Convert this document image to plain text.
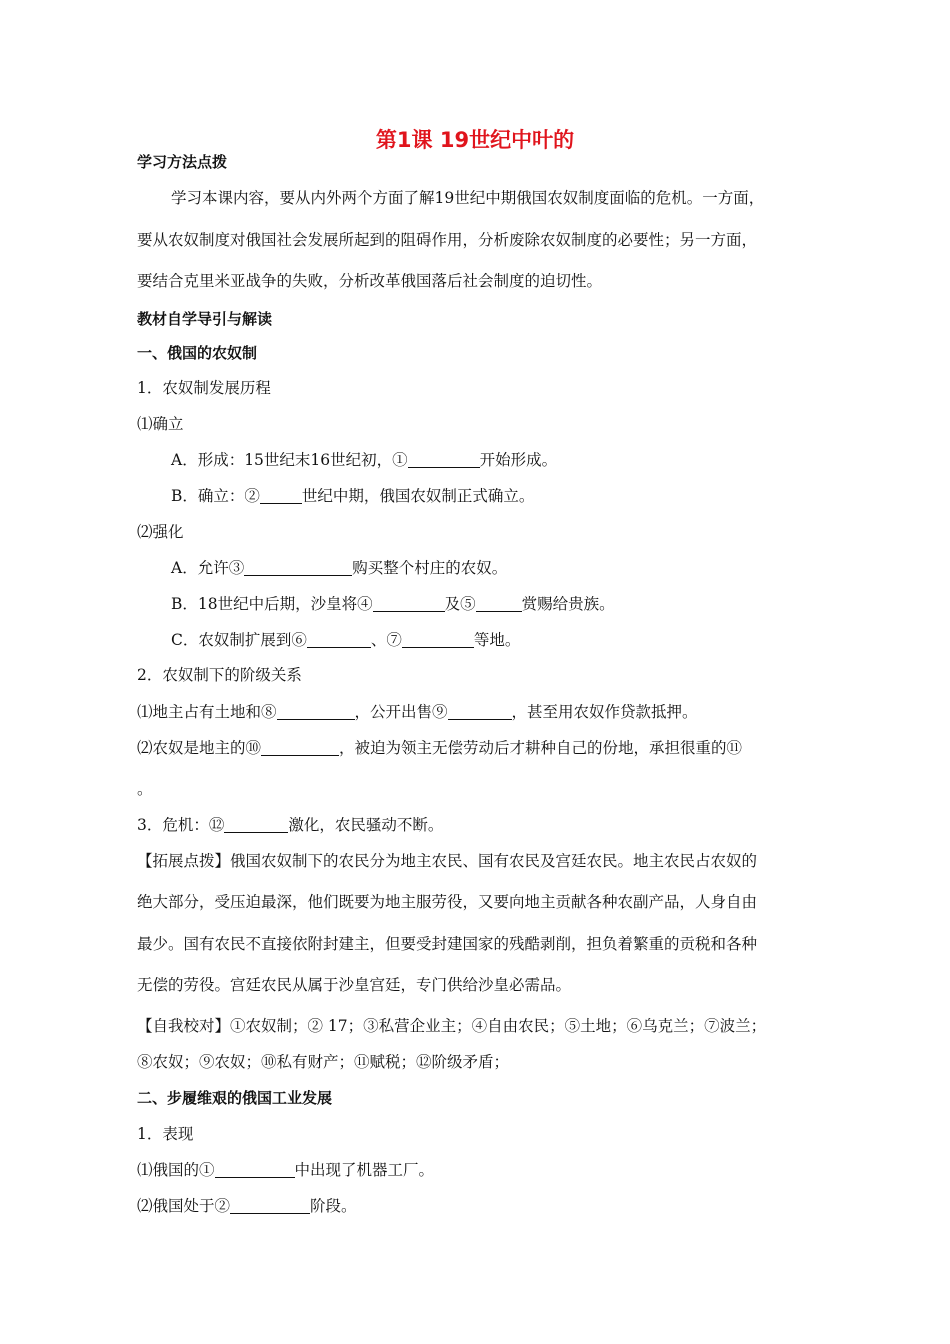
第1课 19世纪中叶的
学习方法点拨
学习本课内容，要从内外两个方面了解19世纪中期俄国农奴制度面临的危机。一方面，
要从农奴制度对俄国社会发展所起到的阻碍作用，分析废除农奴制度的必要性；另一方面，
要结合克里米亚战争的失败，分析改革俄国落后社会制度的迫切性。
教材自学导引与解读
一、俄国的农奴制
1．农奴制发展历程
⑴确立
A．形成：15世纪末16世纪初，①	开始形成。
B．确立：②	世纪中期，俄国农奴制正式确立。
⑵强化
A．允许③	购买整个村庄的农奴。
B．18世纪中后期，沙皇将④	及⑤	赏赐给贵族。
C．农奴制扩展到⑥	、⑦	等地。
2．农奴制下的阶级关系
⑴地主占有土地和⑧	，公开出售⑨	，甚至用农奴作贷款抵押。
⑵农奴是地主的⑩	，被迫为领主无偿劳动后才耕种自己的份地，承担很重的⑪
。
3．危机：⑫	激化，农民骚动不断。
【拓展点拨】俄国农奴制下的农民分为地主农民、国有农民及宫廷农民。地主农民占农奴的
绝大部分，受压迫最深，他们既要为地主服劳役，又要向地主贡献各种农副产品，人身自由
最少。国有农民不直接依附封建主，但要受封建国家的残酷剥削，担负着繁重的贡税和各种
无偿的劳役。宫廷农民从属于沙皇宫廷，专门供给沙皇必需品。
【自我校对】①农奴制；② 17；③私营企业主；④自由农民；⑤土地；⑥乌克兰；⑦波兰；
⑧农奴；⑨农奴；⑩私有财产；⑪赋税；⑫阶级矛盾；
二、步履维艰的俄国工业发展
1．表现
⑴俄国的①	中出现了机器工厂。
⑵俄国处于②	阶段。
